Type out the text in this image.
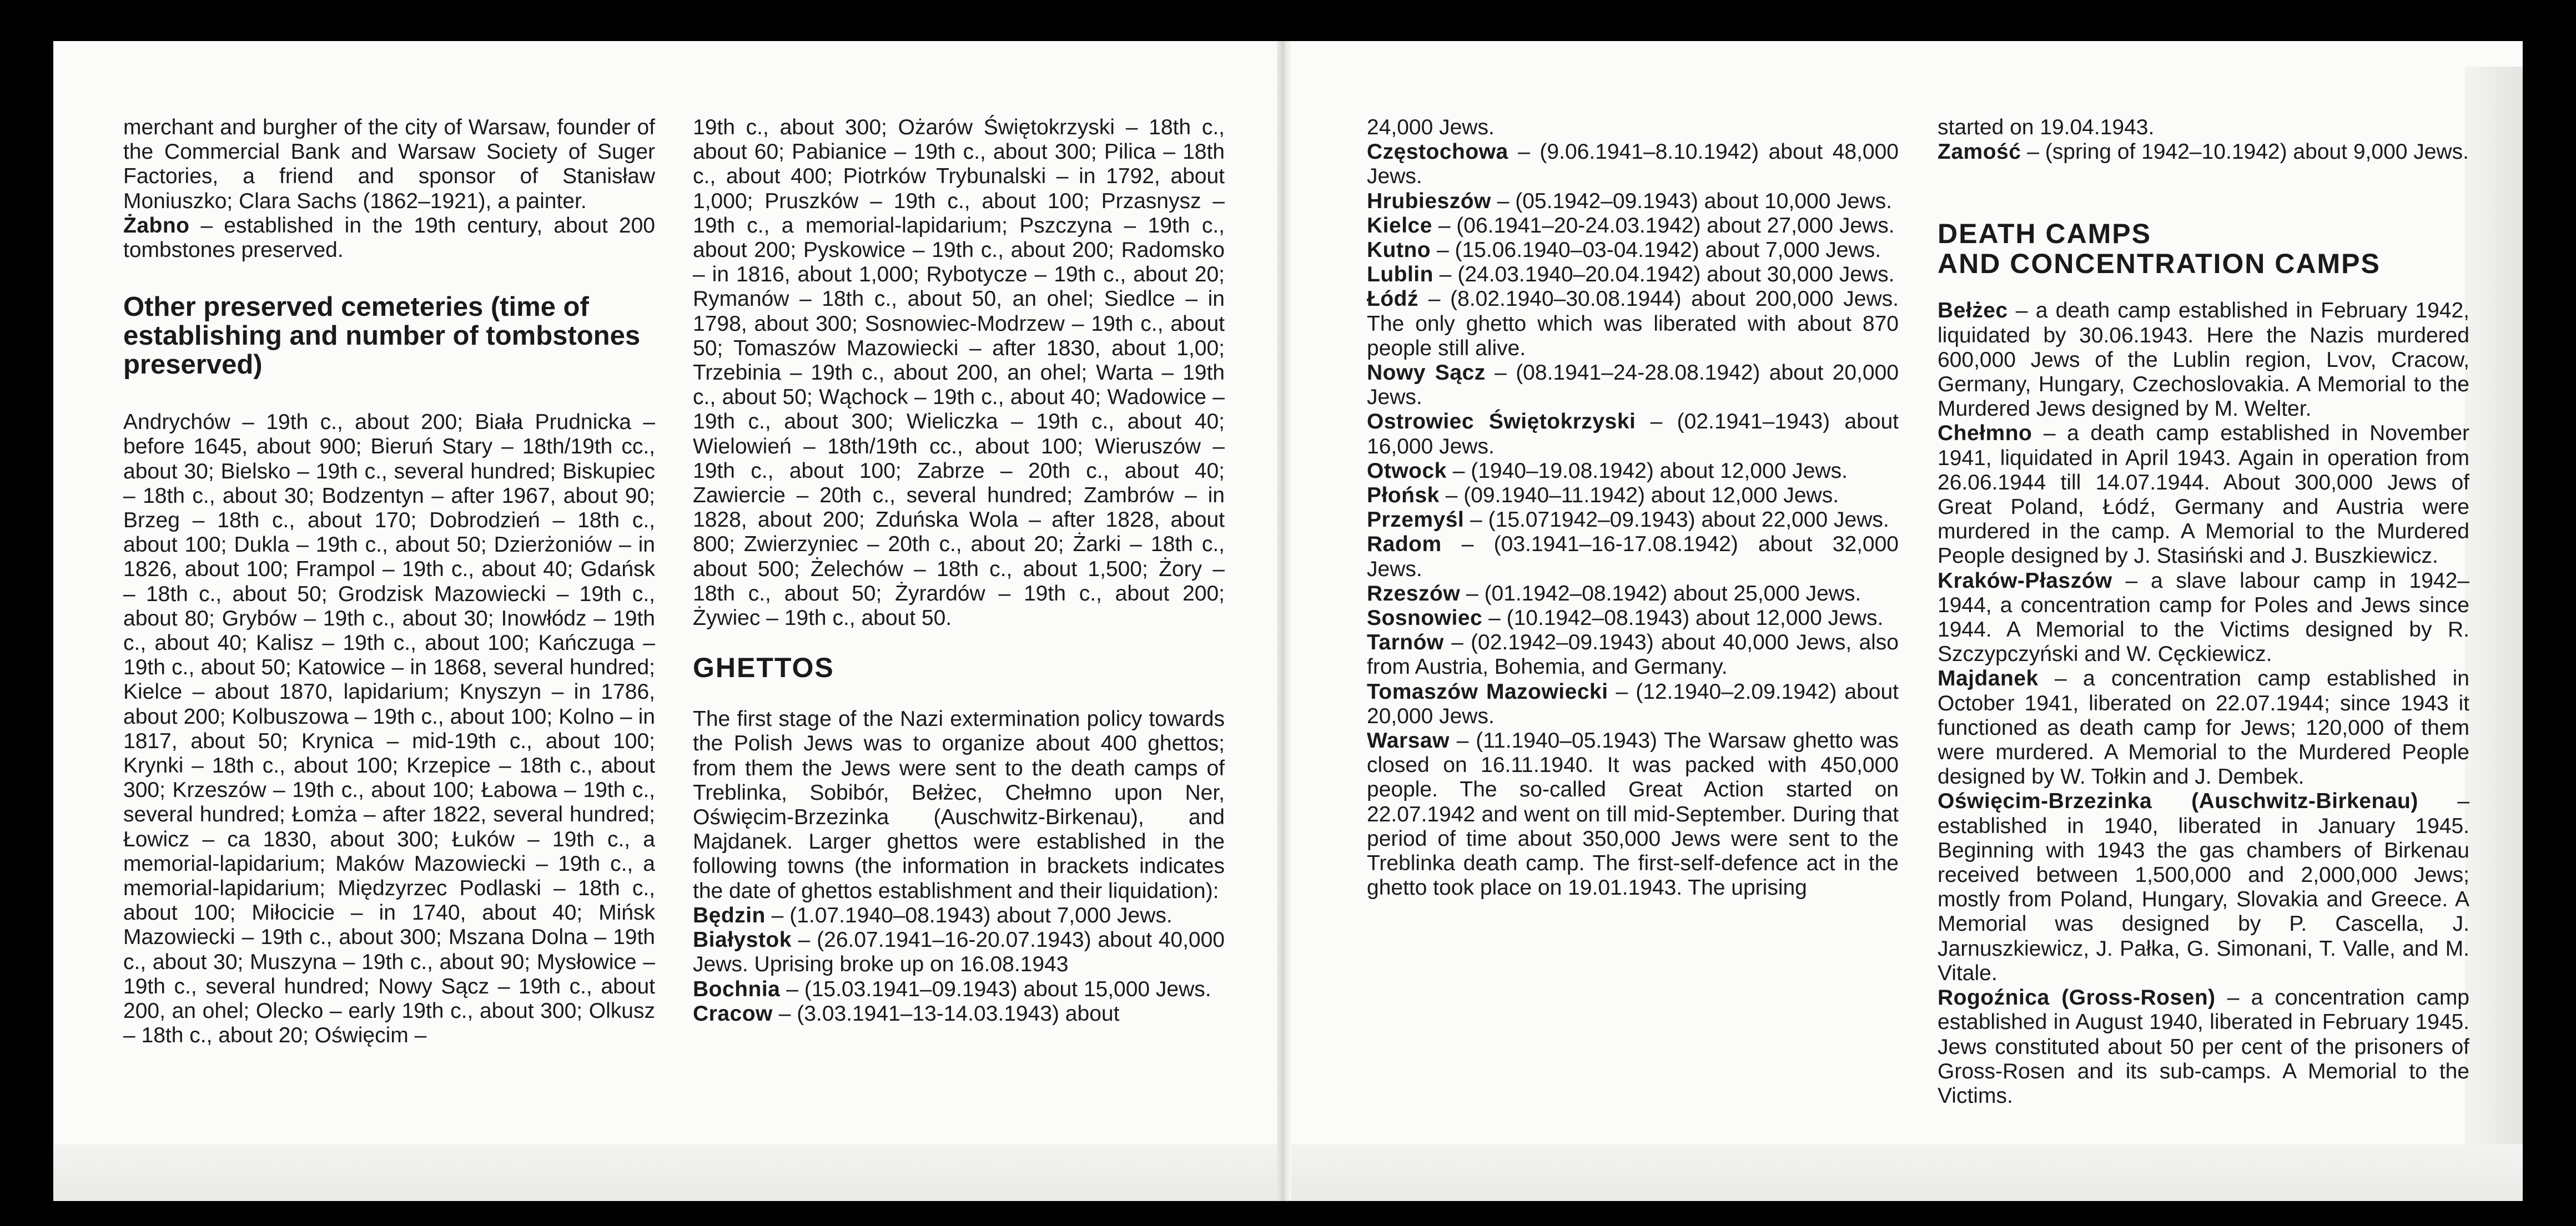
merchant and burgher of the city of Warsaw, founder of the Commercial Bank and Warsaw Society of Suger Factories, a friend and sponsor of Stanisław Moniuszko; Clara Sachs (1862–1921), a painter.

Żabno – established in the 19th century, about 200 tombstones preserved.

Other preserved cemeteries (time of establishing and number of tombstones preserved)

Andrychów – 19th c., about 200; Biała Prudnicka – before 1645, about 900; Bieruń Stary – 18th/19th cc., about 30; Bielsko – 19th c., several hundred; Biskupiec – 18th c., about 30; Bodzentyn – after 1967, about 90; Brzeg – 18th c., about 170; Dobrodzień – 18th c., about 100; Dukla – 19th c., about 50; Dzierżoniów – in 1826, about 100; Frampol – 19th c., about 40; Gdańsk – 18th c., about 50; Grodzisk Mazowiecki – 19th c., about 80; Grybów – 19th c., about 30; Inowłódz – 19th c., about 40; Kalisz – 19th c., about 100; Kańczuga – 19th c., about 50; Katowice – in 1868, several hundred; Kielce – about 1870, lapidarium; Knyszyn – in 1786, about 200; Kolbuszowa – 19th c., about 100; Kolno – in 1817, about 50; Krynica – mid-19th c., about 100; Krynki – 18th c., about 100; Krzepice – 18th c., about 300; Krzeszów – 19th c., about 100; Łabowa – 19th c., several hundred; Łomża – after 1822, several hundred; Łowicz – ca 1830, about 300; Łuków – 19th c., a memorial-lapidarium; Maków Mazowiecki – 19th c., a memorial-lapidarium; Międzyrzec Podlaski – 18th c., about 100; Miłocicie – in 1740, about 40; Mińsk Mazowiecki – 19th c., about 300; Mszana Dolna – 19th c., about 30; Muszyna – 19th c., about 90; Mysłowice – 19th c., several hundred; Nowy Sącz – 19th c., about 200, an ohel; Olecko – early 19th c., about 300; Olkusz – 18th c., about 20; Oświęcim –

19th c., about 300; Ożarów Świętokrzyski – 18th c., about 60; Pabianice – 19th c., about 300; Pilica – 18th c., about 400; Piotrków Trybunalski – in 1792, about 1,000; Pruszków – 19th c., about 100; Przasnysz – 19th c., a memorial-lapidarium; Pszczyna – 19th c., about 200; Pyskowice – 19th c., about 200; Radomsko – in 1816, about 1,000; Rybotycze – 19th c., about 20; Rymanów – 18th c., about 50, an ohel; Siedlce – in 1798, about 300; Sosnowiec-Modrzew – 19th c., about 50; Tomaszów Mazowiecki – after 1830, about 1,00; Trzebinia – 19th c., about 200, an ohel; Warta – 19th c., about 50; Wąchock – 19th c., about 40; Wadowice – 19th c., about 300; Wieliczka – 19th c., about 40; Wielowień – 18th/19th cc., about 100; Wieruszów – 19th c., about 100; Zabrze – 20th c., about 40; Zawiercie – 20th c., several hundred; Zambrów – in 1828, about 200; Zduńska Wola – after 1828, about 800; Zwierzyniec – 20th c., about 20; Żarki – 18th c., about 500; Żelechów – 18th c., about 1,500; Żory – 18th c., about 50; Żyrardów – 19th c., about 200; Żywiec – 19th c., about 50.

GHETTOS

The first stage of the Nazi extermination policy towards the Polish Jews was to organize about 400 ghettos; from them the Jews were sent to the death camps of Treblinka, Sobibór, Bełżec, Chełmno upon Ner, Oświęcim-Brzezinka (Auschwitz-Birkenau), and Majdanek. Larger ghettos were established in the following towns (the information in brackets indicates the date of ghettos establishment and their liquidation):

Będzin – (1.07.1940–08.1943) about 7,000 Jews.

Białystok – (26.07.1941–16-20.07.1943) about 40,000 Jews. Uprising broke up on 16.08.1943

Bochnia – (15.03.1941–09.1943) about 15,000 Jews.

Cracow – (3.03.1941–13-14.03.1943) about

24,000 Jews.

Częstochowa – (9.06.1941–8.10.1942) about 48,000 Jews.

Hrubieszów – (05.1942–09.1943) about 10,000 Jews.

Kielce – (06.1941–20-24.03.1942) about 27,000 Jews.

Kutno – (15.06.1940–03-04.1942) about 7,000 Jews.

Lublin – (24.03.1940–20.04.1942) about 30,000 Jews.

Łódź – (8.02.1940–30.08.1944) about 200,000 Jews. The only ghetto which was liberated with about 870 people still alive.

Nowy Sącz – (08.1941–24-28.08.1942) about 20,000 Jews.

Ostrowiec Świętokrzyski – (02.1941–1943) about 16,000 Jews.

Otwock – (1940–19.08.1942) about 12,000 Jews.

Płońsk – (09.1940–11.1942) about 12,000 Jews.

Przemyśl – (15.071942–09.1943) about 22,000 Jews.

Radom – (03.1941–16-17.08.1942) about 32,000 Jews.

Rzeszów – (01.1942–08.1942) about 25,000 Jews.

Sosnowiec – (10.1942–08.1943) about 12,000 Jews.

Tarnów – (02.1942–09.1943) about 40,000 Jews, also from Austria, Bohemia, and Germany.

Tomaszów Mazowiecki – (12.1940–2.09.1942) about 20,000 Jews.

Warsaw – (11.1940–05.1943) The Warsaw ghetto was closed on 16.11.1940. It was packed with 450,000 people. The so-called Great Action started on 22.07.1942 and went on till mid-September. During that period of time about 350,000 Jews were sent to the Treblinka death camp. The first-self-defence act in the ghetto took place on 19.01.1943. The uprising

started on 19.04.1943.

Zamość – (spring of 1942–10.1942) about 9,000 Jews.

DEATH CAMPS
AND CONCENTRATION CAMPS

Bełżec – a death camp established in February 1942, liquidated by 30.06.1943. Here the Nazis murdered 600,000 Jews of the Lublin region, Lvov, Cracow, Germany, Hungary, Czechoslovakia. A Memorial to the Murdered Jews designed by M. Welter.

Chełmno – a death camp established in November 1941, liquidated in April 1943. Again in operation from 26.06.1944 till 14.07.1944. About 300,000 Jews of Great Poland, Łódź, Germany and Austria were murdered in the camp. A Memorial to the Murdered People designed by J. Stasiński and J. Buszkiewicz.

Kraków-Płaszów – a slave labour camp in 1942–1944, a concentration camp for Poles and Jews since 1944. A Memorial to the Victims designed by R. Szczypczyński and W. Cęckiewicz.

Majdanek – a concentration camp established in October 1941, liberated on 22.07.1944; since 1943 it functioned as death camp for Jews; 120,000 of them were murdered. A Memorial to the Murdered People designed by W. Tołkin and J. Dembek.

Oświęcim-Brzezinka (Auschwitz-Birkenau) – established in 1940, liberated in January 1945. Beginning with 1943 the gas chambers of Birkenau received between 1,500,000 and 2,000,000 Jews; mostly from Poland, Hungary, Slovakia and Greece. A Memorial was designed by P. Cascella, J. Jarnuszkiewicz, J. Pałka, G. Simonani, T. Valle, and M. Vitale.

Rogoźnica (Gross-Rosen) – a concentration camp established in August 1940, liberated in February 1945. Jews constituted about 50 per cent of the prisoners of Gross-Rosen and its sub-camps. A Memorial to the Victims.
